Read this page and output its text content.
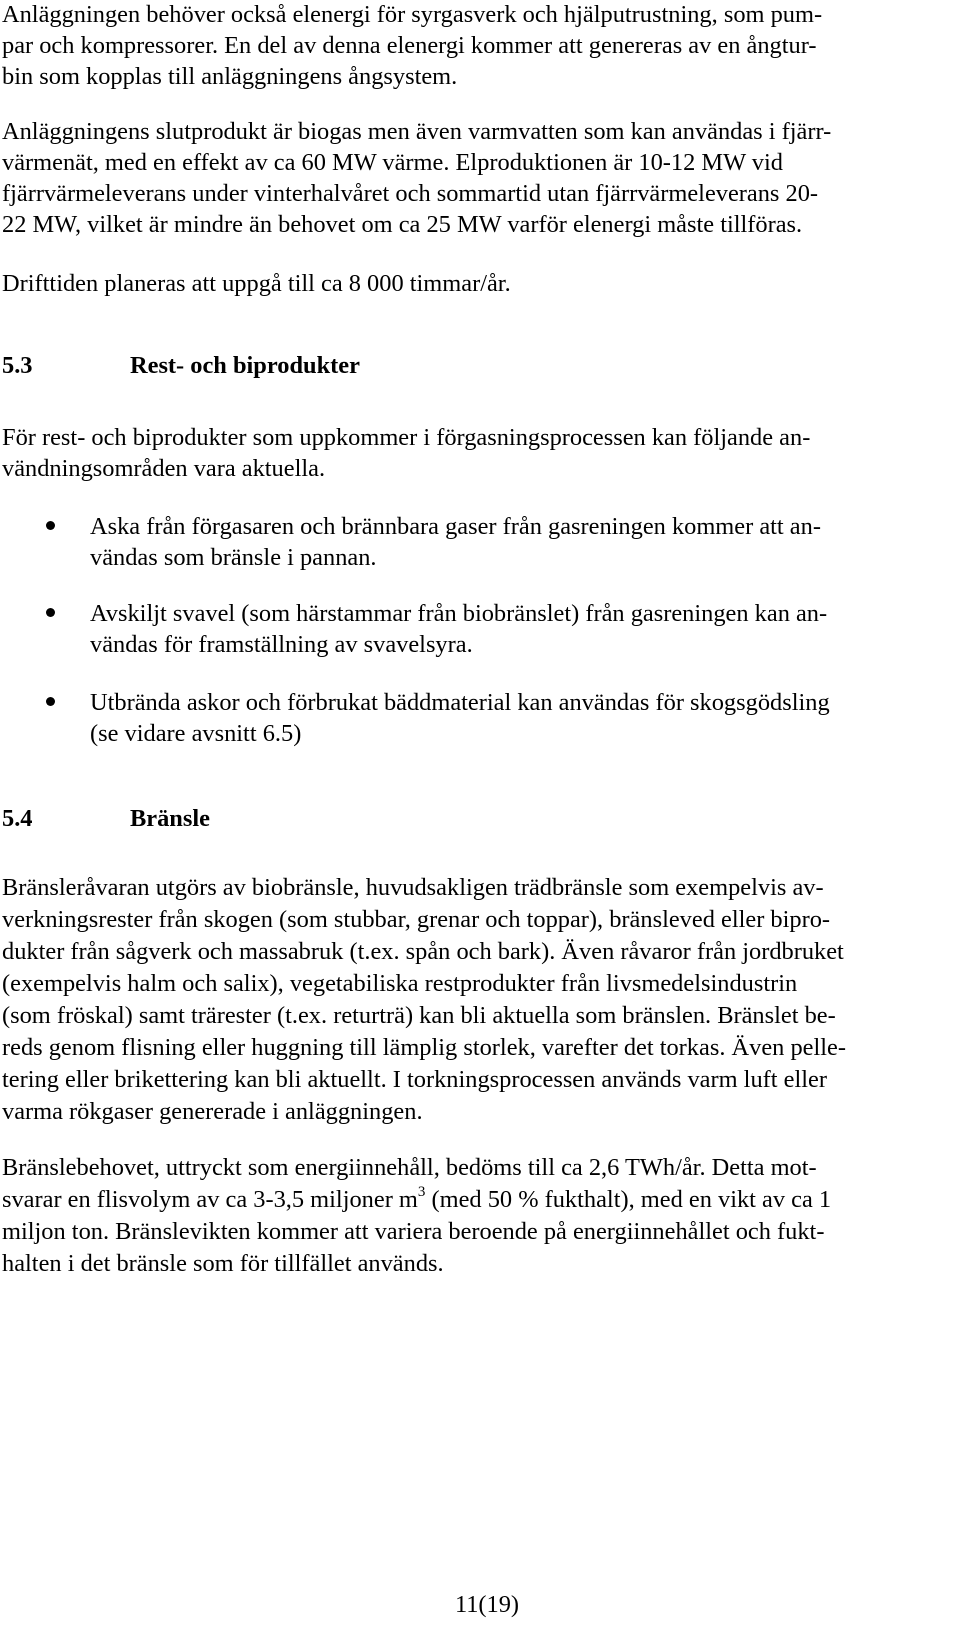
Anläggningen behöver också elenergi för syrgasverk och hjälputrustning, som pum-
par och kompressorer. En del av denna elenergi kommer att genereras av en ångtur-
bin som kopplas till anläggningens ångsystem.
Anläggningens slutprodukt är biogas men även varmvatten som kan användas i fjärr-
värmenät, med en effekt av ca 60 MW värme. Elproduktionen är 10-12 MW vid
fjärrvärmeleverans under vinterhalvåret och sommartid utan fjärrvärmeleverans 20-
22 MW, vilket är mindre än behovet om ca 25 MW varför elenergi måste tillföras.
Drifttiden planeras att uppgå till ca 8 000 timmar/år.
5.3	Rest- och biprodukter
För rest- och biprodukter som uppkommer i förgasningsprocessen kan följande an-
vändningsområden vara aktuella.
Aska från förgasaren och brännbara gaser från gasreningen kommer att an-
vändas som bränsle i pannan.
Avskiljt svavel (som härstammar från biobränslet) från gasreningen kan an-
vändas för framställning av svavelsyra.
Utbrända askor och förbrukat bäddmaterial kan användas för skogsgödsling
(se vidare avsnitt 6.5)
5.4	Bränsle
Bränsleråvaran utgörs av biobränsle, huvudsakligen trädbränsle som exempelvis av-
verkningsrester från skogen (som stubbar, grenar och toppar), bränsleved eller bipro-
dukter från sågverk och massabruk (t.ex. spån och bark). Även råvaror från jordbruket
(exempelvis halm och salix), vegetabiliska restprodukter från livsmedelsindustrin
(som fröskal) samt trärester (t.ex. returträ) kan bli aktuella som bränslen. Bränslet be-
reds genom flisning eller huggning till lämplig storlek, varefter det torkas. Även pelle-
tering eller brikettering kan bli aktuellt. I torkningsprocessen används varm luft eller
varma rökgaser genererade i anläggningen.
Bränslebehovet, uttryckt som energiinnehåll, bedöms till ca 2,6 TWh/år. Detta mot-
svarar en flisvolym av ca 3-3,5 miljoner $m^3$ (med 50 % fukthalt), med en vikt av ca 1
miljon ton. Bränslevikten kommer att variera beroende på energiinnehållet och fukt-
halten i det bränsle som för tillfället används.
11(19)
